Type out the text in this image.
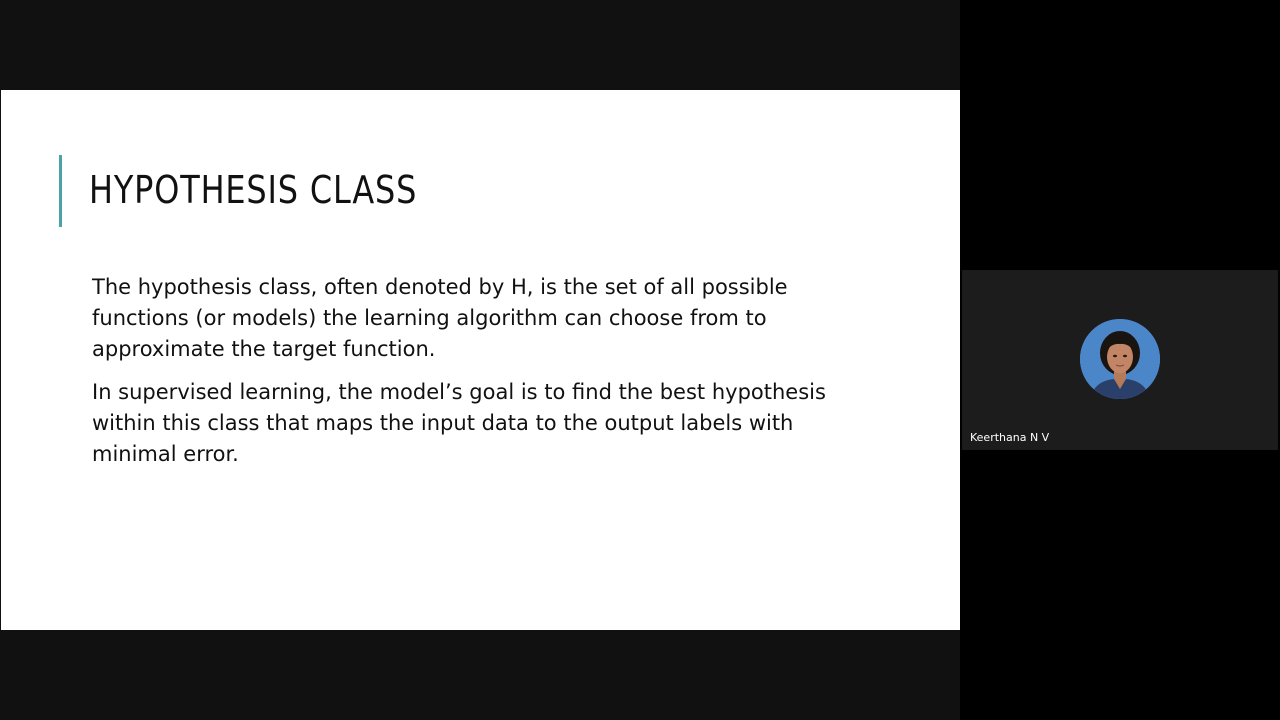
HYPOTHESIS CLASS

The hypothesis class, often denoted by H, is the set of all possible functions (or models) the learning algorithm can choose from to approximate the target function.

In supervised learning, the model’s goal is to find the best hypothesis within this class that maps the input data to the output labels with minimal error.

Keerthana N V
